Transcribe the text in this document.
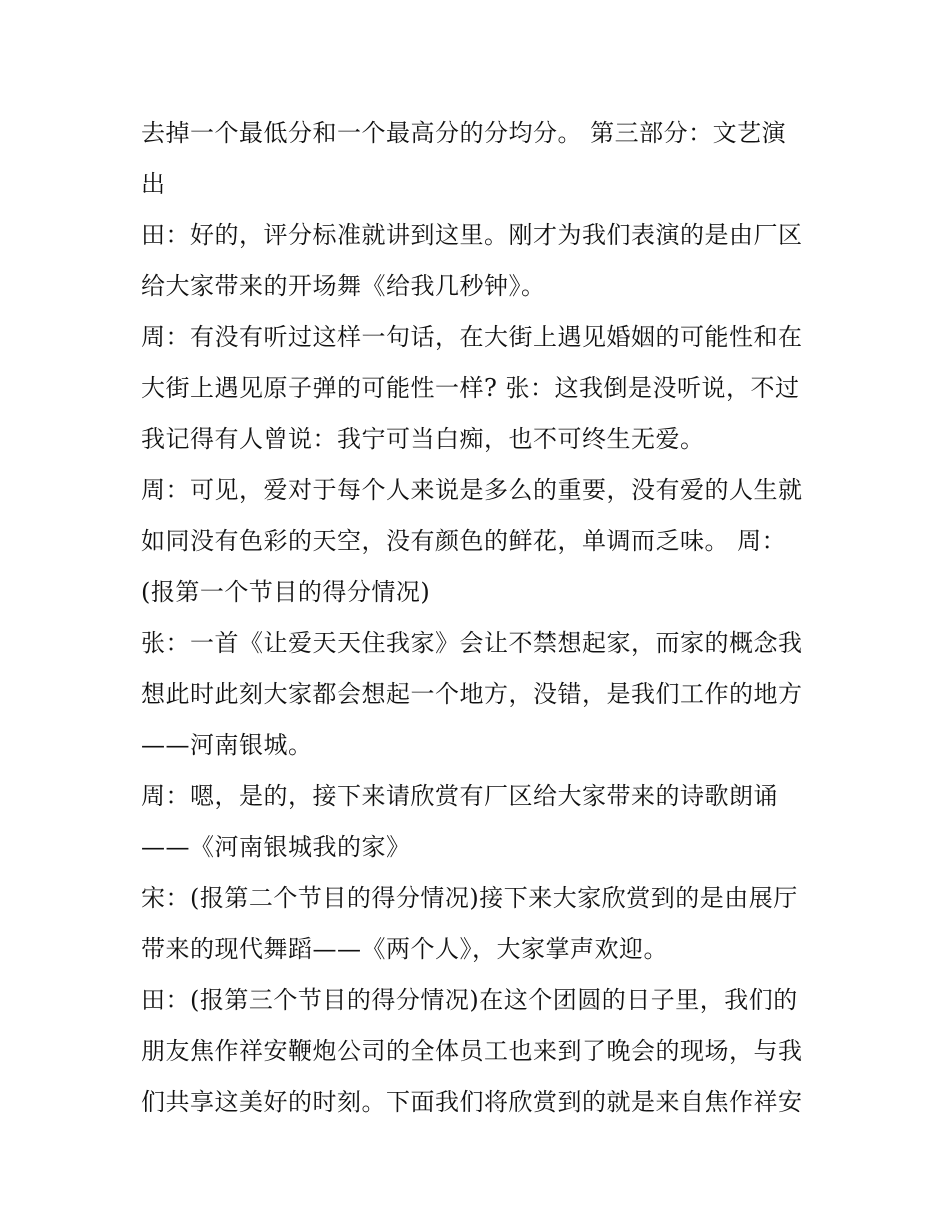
去掉一个最低分和一个最高分的分均分。 第三部分：文艺演
出
田：好的，评分标准就讲到这里。刚才为我们表演的是由厂区
给大家带来的开场舞《给我几秒钟》。
周：有没有听过这样一句话，在大街上遇见婚姻的可能性和在
大街上遇见原子弹的可能性一样? 张：这我倒是没听说，不过
我记得有人曾说：我宁可当白痴，也不可终生无爱。
周：可见，爱对于每个人来说是多么的重要，没有爱的人生就
如同没有色彩的天空，没有颜色的鲜花，单调而乏味。 周：
(报第一个节目的得分情况)
张：一首《让爱天天住我家》会让不禁想起家，而家的概念我
想此时此刻大家都会想起一个地方，没错，是我们工作的地方
——河南银城。
周：嗯，是的，接下来请欣赏有厂区给大家带来的诗歌朗诵
——《河南银城我的家》
宋：(报第二个节目的得分情况)接下来大家欣赏到的是由展厅
带来的现代舞蹈——《两个人》，大家掌声欢迎。
田：(报第三个节目的得分情况)在这个团圆的日子里，我们的
朋友焦作祥安鞭炮公司的全体员工也来到了晚会的现场，与我
们共享这美好的时刻。下面我们将欣赏到的就是来自焦作祥安
